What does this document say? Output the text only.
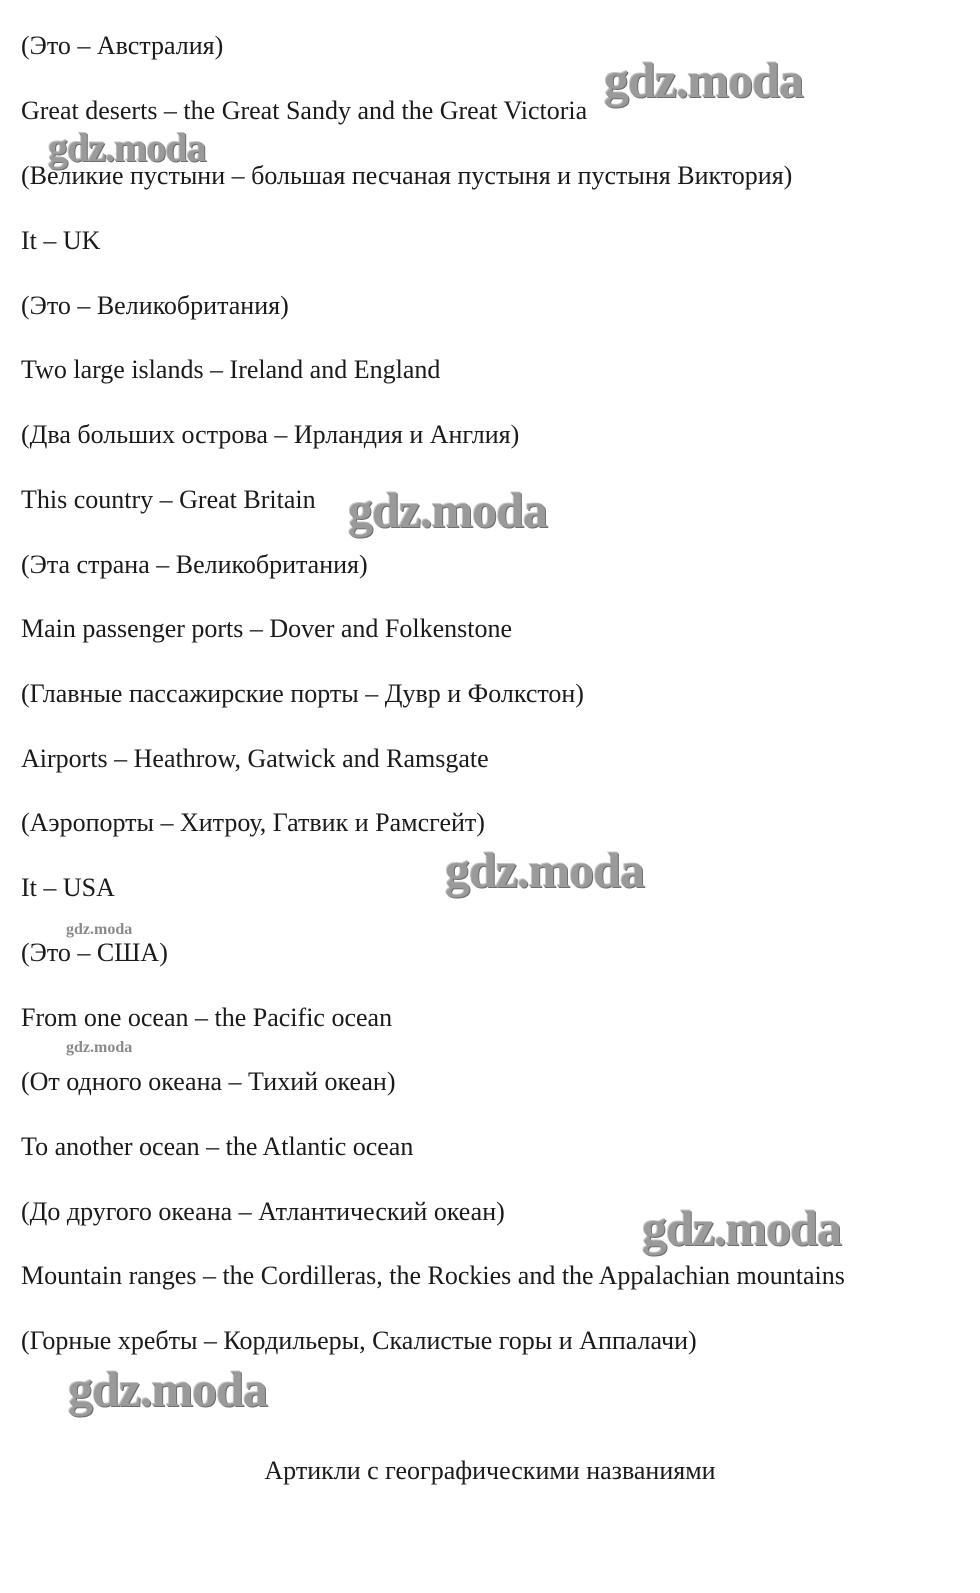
(Это – Австралия)
Great deserts – the Great Sandy and the Great Victoria
(Великие пустыни – большая песчаная пустыня и пустыня Виктория)
It – UK
(Это – Великобритания)
Two large islands – Ireland and England
(Два больших острова – Ирландия и Англия)
This country – Great Britain
(Эта страна – Великобритания)
Main passenger ports – Dover and Folkenstone
(Главные пассажирские порты – Дувр и Фолкстон)
Airports – Heathrow, Gatwick and Ramsgate
(Аэропорты – Хитроу, Гатвик и Рамсгейт)
It – USA
(Это – США)
From one ocean – the Pacific ocean
(От одного океана – Тихий океан)
To another ocean – the Atlantic ocean
(До другого океана – Атлантический океан)
Mountain ranges – the Cordilleras, the Rockies and the Appalachian mountains
(Горные хребты – Кордильеры, Скалистые горы и Аппалачи)
Артикли с географическими названиями
gdz.moda
gdz.moda
gdz.moda
gdz.moda
gdz.moda
gdz.moda
gdz.moda
gdz.moda
